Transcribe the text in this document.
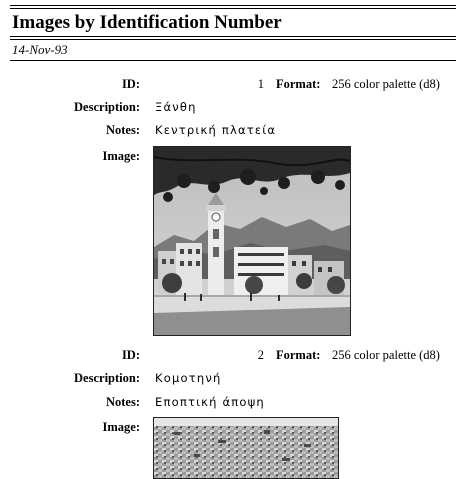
Images by Identification Number
14-Nov-93
ID:	1 Format: 256 color palette (d8)
Description: Ξάνθη
Notes: Κεντρική πλατεία
Image:
ID:	2 Format: 256 color palette (d8)
Description: Κομοτηνή
Notes: Εποπτική άποψη
Image:
